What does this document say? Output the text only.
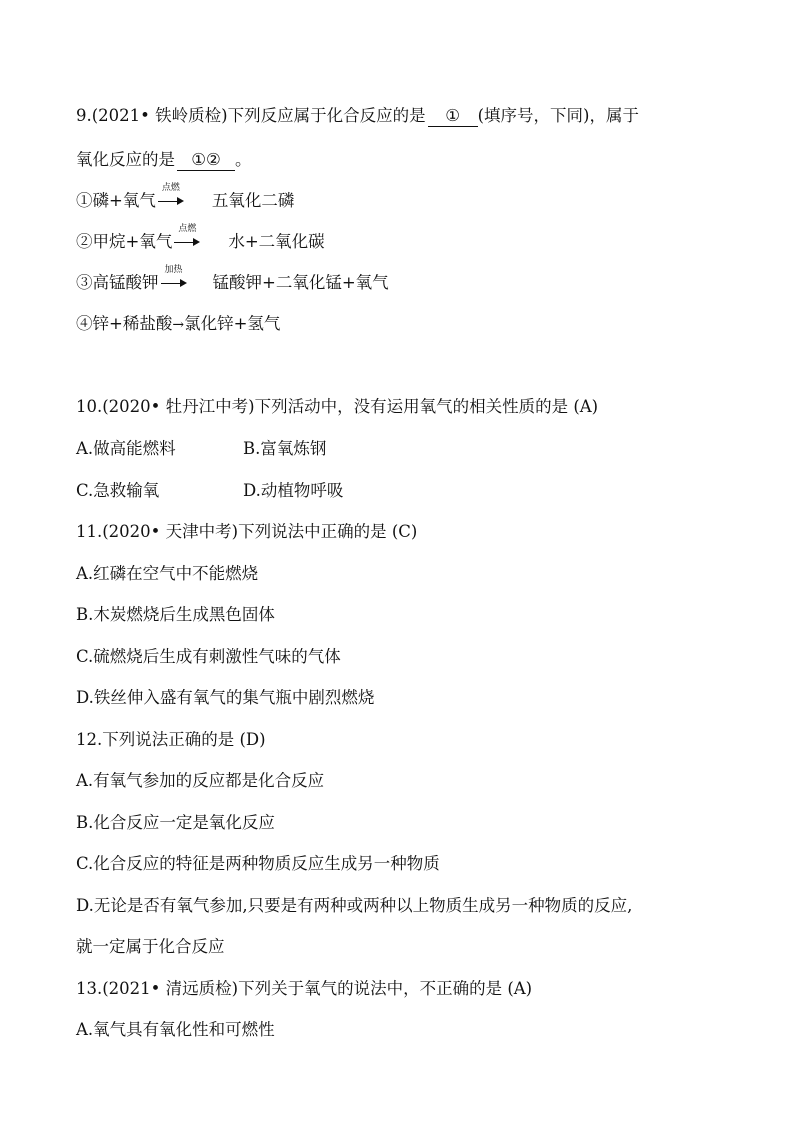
9.(2021• 铁岭质检)下列反应属于化合反应的是 ① (填序号，下同)，属于
氧化反应的是 ①② 。
①磷+氧气
点燃
五氧化二磷
②甲烷+氧气
点燃
水+二氧化碳
③高锰酸钾
加热
锰酸钾+二氧化锰+氧气
④锌+稀盐酸→氯化锌+氢气
10.(2020• 牡丹江中考)下列活动中，没有运用氧气的相关性质的是 (A)
A.做高能燃料	B.富氧炼钢
C.急救输氧	D.动植物呼吸
11.(2020• 天津中考)下列说法中正确的是 (C)
A.红磷在空气中不能燃烧
B.木炭燃烧后生成黑色固体
C.硫燃烧后生成有刺激性气味的气体
D.铁丝伸入盛有氧气的集气瓶中剧烈燃烧
12.下列说法正确的是 (D)
A.有氧气参加的反应都是化合反应
B.化合反应一定是氧化反应
C.化合反应的特征是两种物质反应生成另一种物质
D.无论是否有氧气参加,只要是有两种或两种以上物质生成另一种物质的反应,
就一定属于化合反应
13.(2021• 清远质检)下列关于氧气的说法中，不正确的是 (A)
A.氧气具有氧化性和可燃性
